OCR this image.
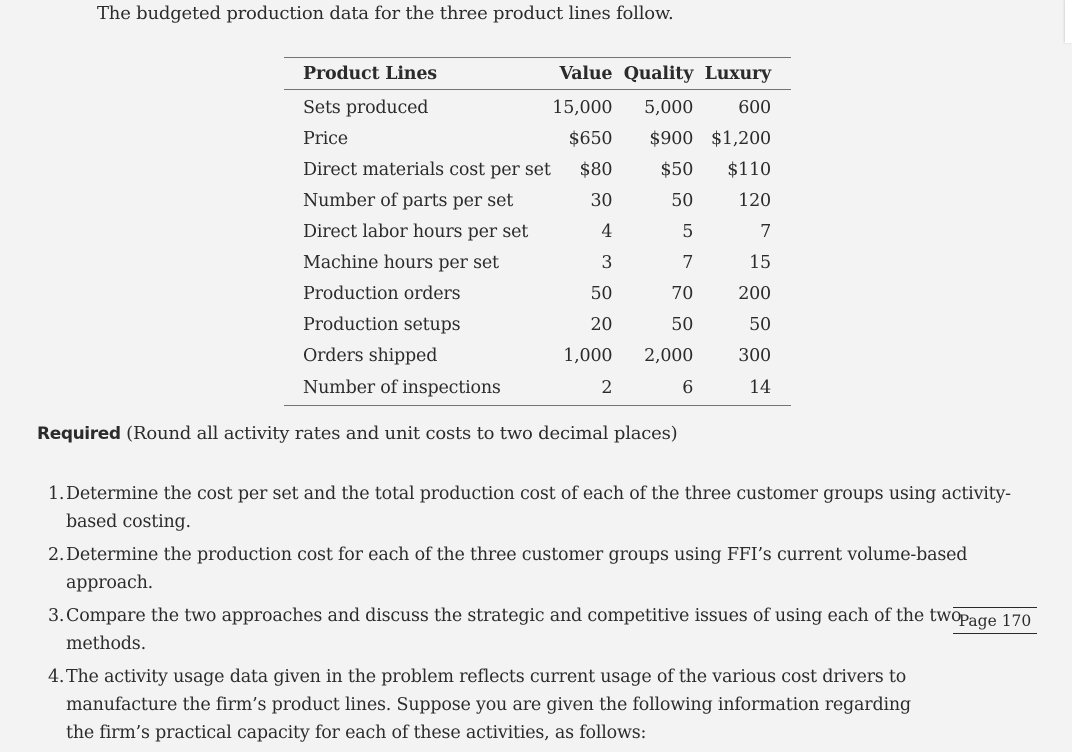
The budgeted production data for the three product lines follow.
Product Lines	Value	Quality	Luxury
Sets produced	15,000	5,000	600
Price	$650	$900	$1,200
Direct materials cost per set	$80	$50	$110
Number of parts per set	30	50	120
Direct labor hours per set	4	5	7
Machine hours per set	3	7	15
Production orders	50	70	200
Production setups	20	50	50
Orders shipped	1,000	2,000	300
Number of inspections	2	6	14
Required (Round all activity rates and unit costs to two decimal places)
1. Determine the cost per set and the total production cost of each of the three customer groups using activity-based costing.
2. Determine the production cost for each of the three customer groups using FFI’s current volume-based approach.
3. Compare the two approaches and discuss the strategic and competitive issues of using each of the two methods.
4. The activity usage data given in the problem reflects current usage of the various cost drivers to manufacture the firm’s product lines. Suppose you are given the following information regarding the firm’s practical capacity for each of these activities, as follows:
Page 170
